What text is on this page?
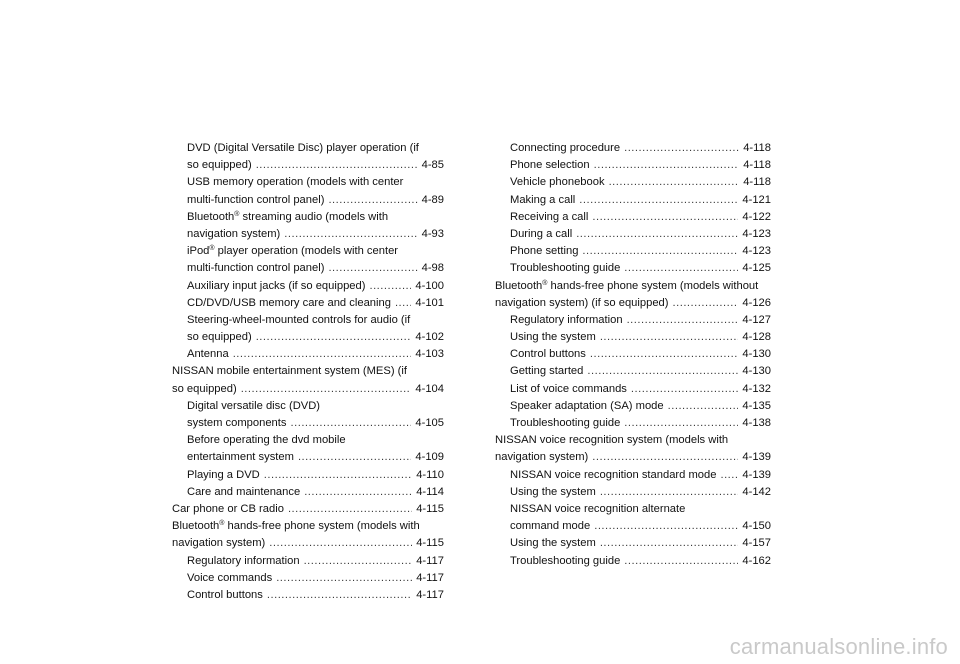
DVD (Digital Versatile Disc) player operation (if
so equipped) .....	4-85
USB memory operation (models with center
multi-function control panel) .....	4-89
Bluetooth® streaming audio (models with
navigation system) .....	4-93
iPod® player operation (models with center
multi-function control panel) .....	4-98
Auxiliary input jacks (if so equipped) .....	4-100
CD/DVD/USB memory care and cleaning ..... 4-101
Steering-wheel-mounted controls for audio (if
so equipped) .....	4-102
Antenna .....	4-103
NISSAN mobile entertainment system (MES) (if
so equipped) .....	4-104
Digital versatile disc (DVD)
system components .....	4-105
Before operating the dvd mobile
entertainment system .....	4-109
Playing a DVD .....	4-110
Care and maintenance .....	4-114
Car phone or CB radio .....	4-115
Bluetooth® hands-free phone system (models with
navigation system) .....	4-115
Regulatory information .....	4-117
Voice commands .....	4-117
Control buttons .....	4-117
Connecting procedure .....	4-118
Phone selection .....	4-118
Vehicle phonebook .....	4-118
Making a call .....	4-121
Receiving a call .....	4-122
During a call .....	4-123
Phone setting .....	4-123
Troubleshooting guide .....	4-125
Bluetooth® hands-free phone system (models without
navigation system) (if so equipped) .....	4-126
Regulatory information .....	4-127
Using the system .....	4-128
Control buttons .....	4-130
Getting started .....	4-130
List of voice commands .....	4-132
Speaker adaptation (SA) mode .....	4-135
Troubleshooting guide .....	4-138
NISSAN voice recognition system (models with
navigation system) .....	4-139
NISSAN voice recognition standard mode ..... 4-139
Using the system .....	4-142
NISSAN voice recognition alternate
command mode .....	4-150
Using the system .....	4-157
Troubleshooting guide .....	4-162
carmanualsonline.info
